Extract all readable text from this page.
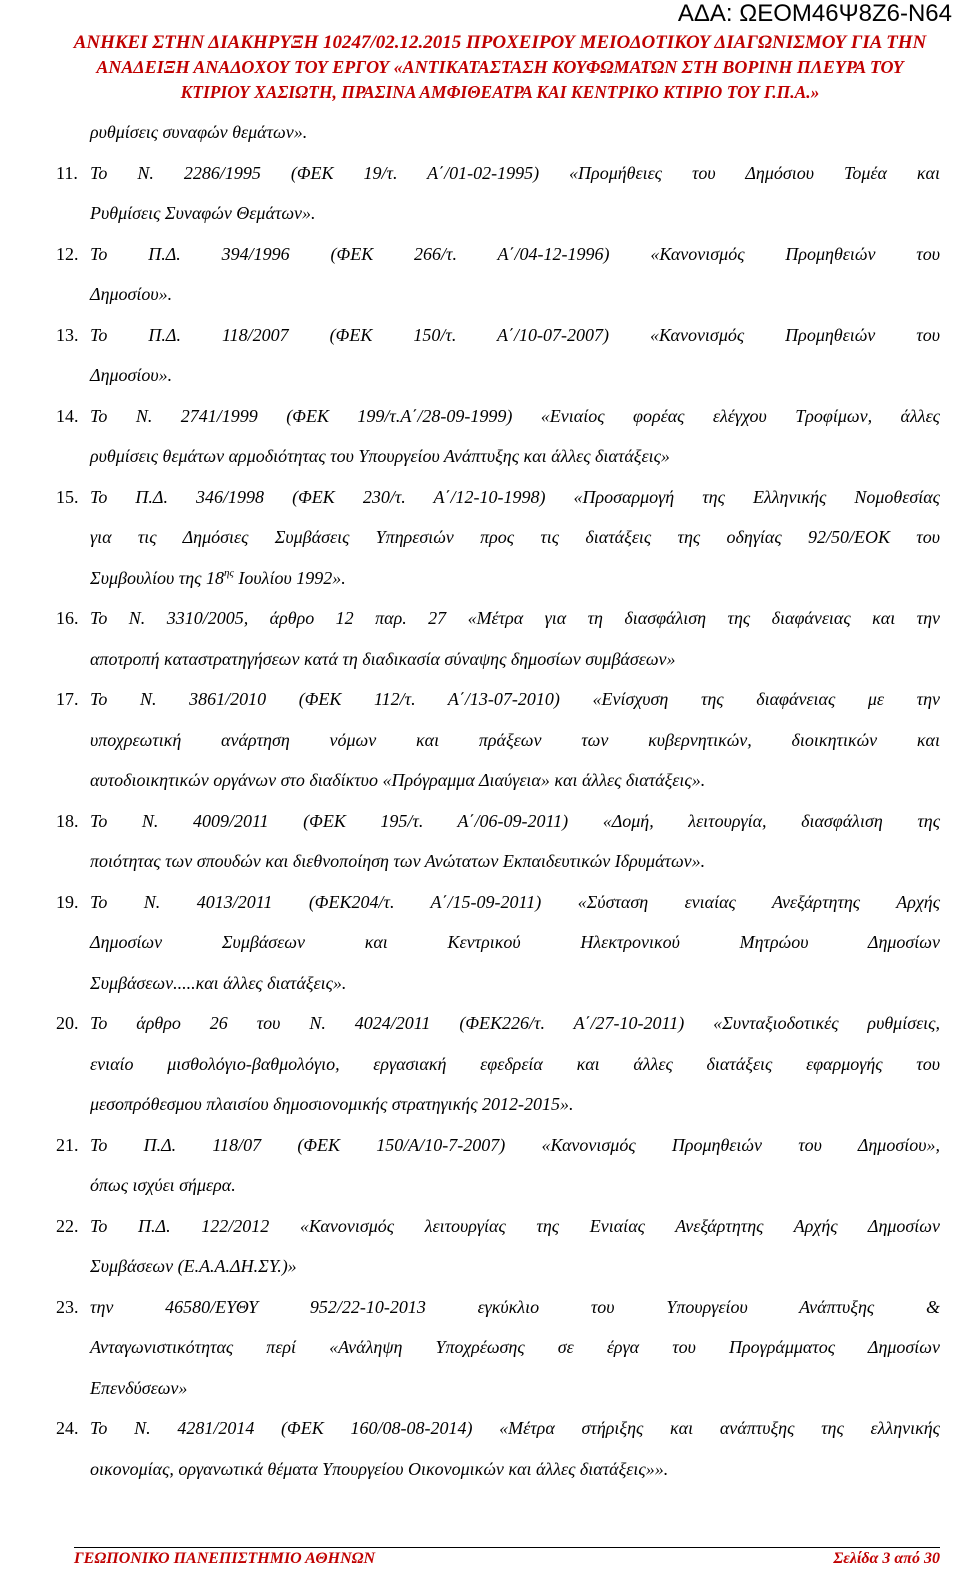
ΑΔΑ: ΩΕΟΜ46Ψ8Ζ6-Ν64
ΑΝΗΚΕΙ ΣΤΗΝ ΔΙΑΚΗΡΥΞΗ 10247/02.12.2015 ΠΡΟΧΕΙΡΟΥ ΜΕΙΟΔΟΤΙΚΟΥ ΔΙΑΓΩΝΙΣΜΟΥ ΓΙΑ ΤΗΝ
ΑΝΑΔΕΙΞΗ ΑΝΑΔΟΧΟΥ ΤΟΥ ΕΡΓΟΥ «ΑΝΤΙΚΑΤΑΣΤΑΣΗ ΚΟΥΦΩΜΑΤΩΝ ΣΤΗ ΒΟΡΙΝΗ ΠΛΕΥΡΑ ΤΟΥ
ΚΤΙΡΙΟΥ ΧΑΣΙΩΤΗ, ΠΡΑΣΙΝΑ ΑΜΦΙΘΕΑΤΡΑ ΚΑΙ ΚΕΝΤΡΙΚΟ ΚΤΙΡΙΟ ΤΟΥ Γ.Π.Α.»
ρυθμίσεις συναφών θεμάτων».
11. Το Ν. 2286/1995 (ΦΕΚ 19/τ. Α΄/01-02-1995) «Προμήθειες του Δημόσιου Τομέα και
Ρυθμίσεις Συναφών Θεμάτων».
12. Το Π.Δ. 394/1996 (ΦΕΚ 266/τ. Α΄/04-12-1996) «Κανονισμός Προμηθειών του
Δημοσίου».
13. Το Π.Δ. 118/2007 (ΦΕΚ 150/τ. Α΄/10-07-2007) «Κανονισμός Προμηθειών του
Δημοσίου».
14. Το Ν. 2741/1999 (ΦΕΚ 199/τ.Α΄/28-09-1999) «Ενιαίος φορέας ελέγχου Τροφίμων, άλλες
ρυθμίσεις θεμάτων αρμοδιότητας του Υπουργείου Ανάπτυξης και άλλες διατάξεις»
15. Το Π.Δ. 346/1998 (ΦΕΚ 230/τ. Α΄/12-10-1998) «Προσαρμογή της Ελληνικής Νομοθεσίας
για τις Δημόσιες Συμβάσεις Υπηρεσιών προς τις διατάξεις της οδηγίας 92/50/ΕΟΚ του
Συμβουλίου της $18^{\eta\varsigma}$ Ιουλίου 1992».
16. Το Ν. 3310/2005, άρθρο 12 παρ. 27 «Μέτρα για τη διασφάλιση της διαφάνειας και την
αποτροπή καταστρατηγήσεων κατά τη διαδικασία σύναψης δημοσίων συμβάσεων»
17. Το Ν. 3861/2010 (ΦΕΚ 112/τ. Α΄/13-07-2010) «Ενίσχυση της διαφάνειας με την
υποχρεωτική ανάρτηση νόμων και πράξεων των κυβερνητικών, διοικητικών και
αυτοδιοικητικών οργάνων στο διαδίκτυο «Πρόγραμμα Διαύγεια» και άλλες διατάξεις».
18. Το Ν. 4009/2011 (ΦΕΚ 195/τ. Α΄/06-09-2011) «Δομή, λειτουργία, διασφάλιση της
ποιότητας των σπουδών και διεθνοποίηση των Ανώτατων Εκπαιδευτικών Ιδρυμάτων».
19. Το Ν. 4013/2011 (ΦΕΚ204/τ. Α΄/15-09-2011) «Σύσταση ενιαίας Ανεξάρτητης Αρχής
Δημοσίων Συμβάσεων και Κεντρικού Ηλεκτρονικού Μητρώου Δημοσίων
Συμβάσεων.....και άλλες διατάξεις».
20. Το άρθρο 26 του Ν. 4024/2011 (ΦΕΚ226/τ. Α΄/27-10-2011) «Συνταξιοδοτικές ρυθμίσεις,
ενιαίο μισθολόγιο-βαθμολόγιο, εργασιακή εφεδρεία και άλλες διατάξεις εφαρμογής του
μεσοπρόθεσμου πλαισίου δημοσιονομικής στρατηγικής 2012-2015».
21. Το Π.Δ. 118/07 (ΦΕΚ 150/Α/10-7-2007) «Κανονισμός Προμηθειών του Δημοσίου»,
όπως ισχύει σήμερα.
22. Το Π.Δ. 122/2012 «Κανονισμός λειτουργίας της Ενιαίας Ανεξάρτητης Αρχής Δημοσίων
Συμβάσεων (Ε.Α.Α.ΔΗ.ΣΥ.)»
23. την 46580/ΕΥΘΥ 952/22-10-2013 εγκύκλιο του Υπουργείου Ανάπτυξης &
Ανταγωνιστικότητας περί «Ανάληψη Υποχρέωσης σε έργα του Προγράμματος Δημοσίων
Επενδύσεων»
24. Το Ν. 4281/2014 (ΦΕΚ 160/08-08-2014) «Μέτρα στήριξης και ανάπτυξης της ελληνικής
οικονομίας, οργανωτικά θέματα Υπουργείου Οικονομικών και άλλες διατάξεις»».
ΓΕΩΠΟΝΙΚΟ ΠΑΝΕΠΙΣΤΗΜΙΟ ΑΘΗΝΩΝ	Σελίδα 3 από 30
